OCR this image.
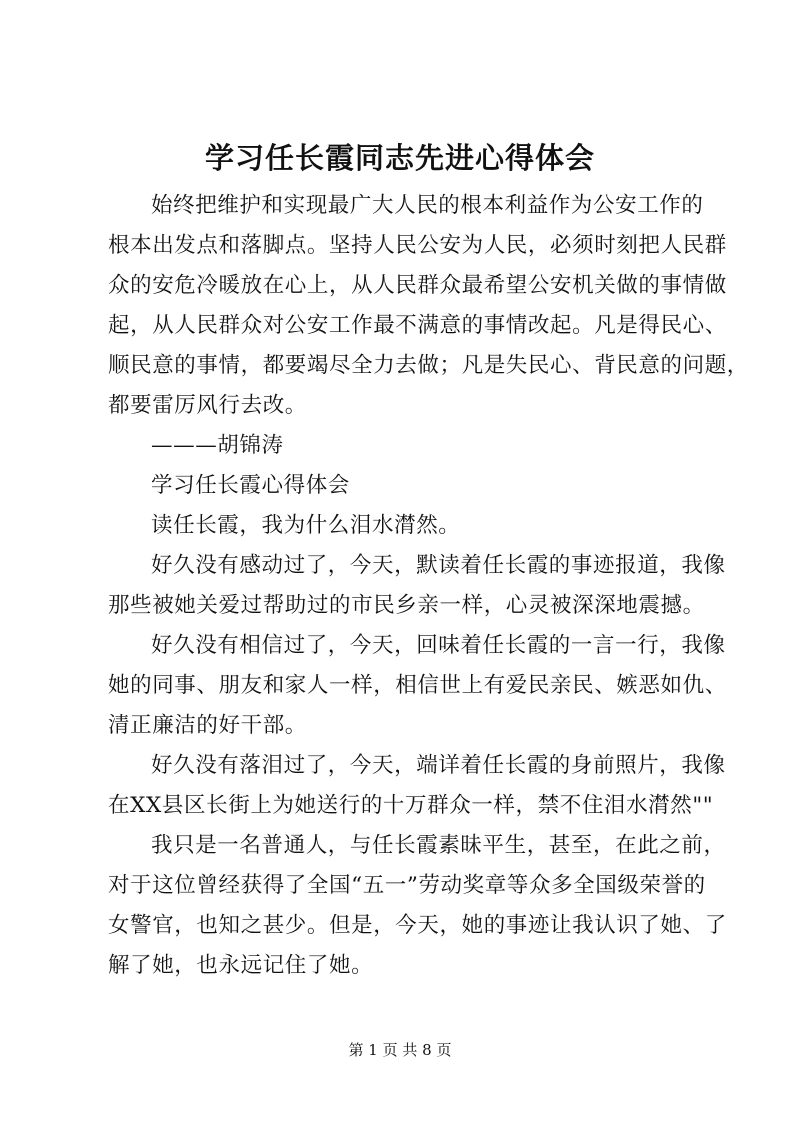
学习任长霞同志先进心得体会
始终把维护和实现最广大人民的根本利益作为公安工作的
根本出发点和落脚点。坚持人民公安为人民，必须时刻把人民群
众的安危冷暖放在心上，从人民群众最希望公安机关做的事情做
起，从人民群众对公安工作最不满意的事情改起。凡是得民心、
顺民意的事情，都要竭尽全力去做；凡是失民心、背民意的问题，
都要雷厉风行去改。
———胡锦涛
学习任长霞心得体会
读任长霞，我为什么泪水潸然。
好久没有感动过了，今天，默读着任长霞的事迹报道，我像
那些被她关爱过帮助过的市民乡亲一样，心灵被深深地震撼。
好久没有相信过了，今天，回味着任长霞的一言一行，我像
她的同事、朋友和家人一样，相信世上有爱民亲民、嫉恶如仇、
清正廉洁的好干部。
好久没有落泪过了，今天，端详着任长霞的身前照片，我像
在XX县区长街上为她送行的十万群众一样，禁不住泪水潸然""
我只是一名普通人，与任长霞素昧平生，甚至，在此之前，
对于这位曾经获得了全国“五一”劳动奖章等众多全国级荣誉的
女警官，也知之甚少。但是，今天，她的事迹让我认识了她、了
解了她，也永远记住了她。
第 1 页 共 8 页
